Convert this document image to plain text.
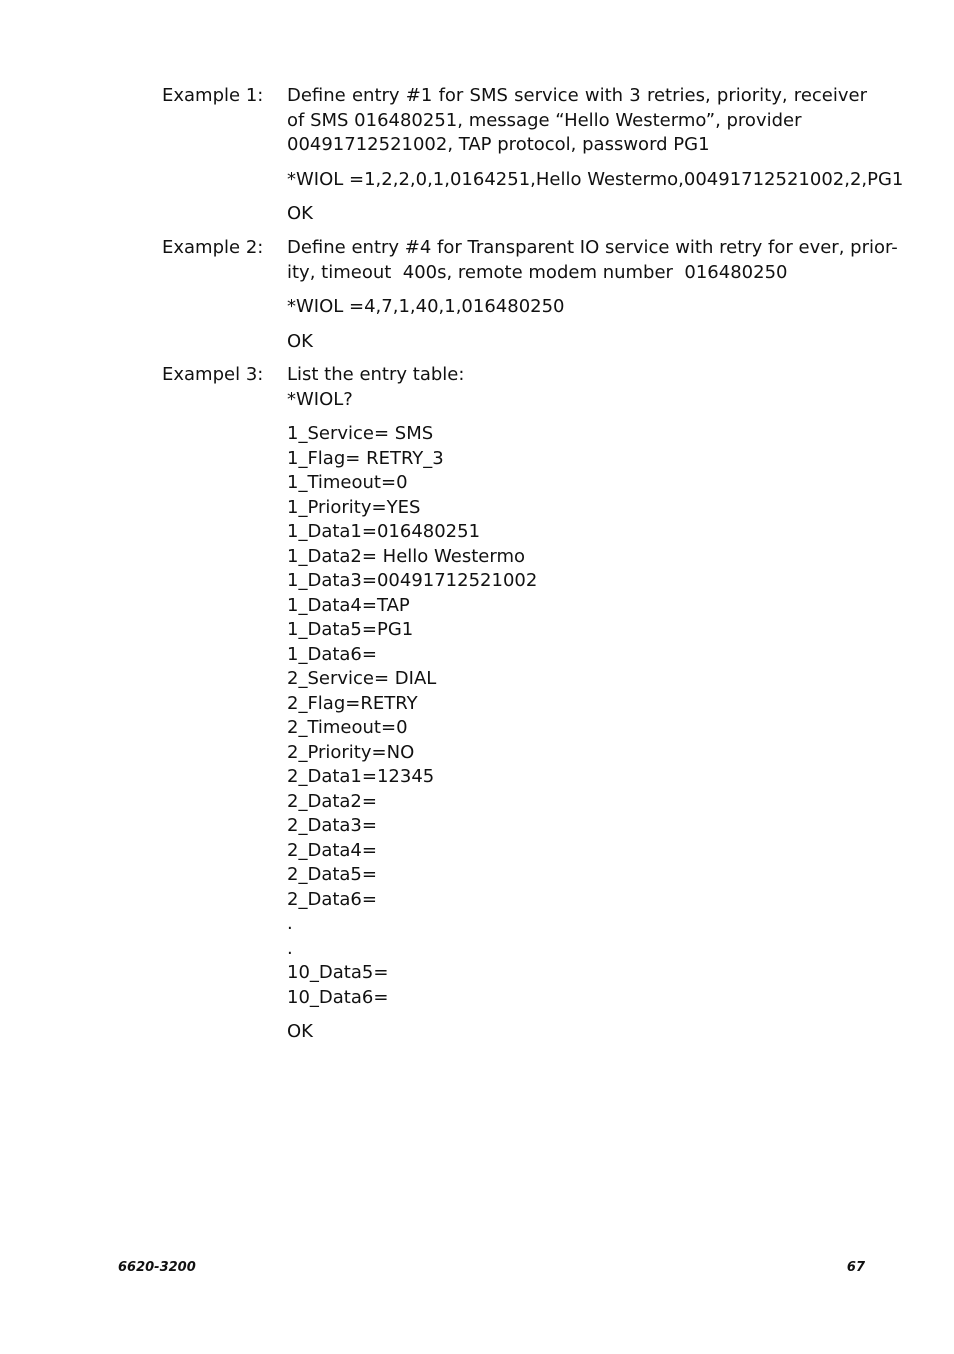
Example 1: Define entry #1 for SMS service with 3 retries, priority, receiver
of SMS 016480251, message “Hello Westermo”, provider
00491712521002, TAP protocol, password PG1
*WIOL =1,2,2,0,1,0164251,Hello Westermo,00491712521002,2,PG1
OK
Example 2: Define entry #4 for Transparent IO service with retry for ever, prior-
ity, timeout  400s, remote modem number  016480250
*WIOL =4,7,1,40,1,016480250
OK
Exampel 3: List the entry table:
*WIOL?
1_Service= SMS
1_Flag= RETRY_3
1_Timeout=0
1_Priority=YES
1_Data1=016480251
1_Data2= Hello Westermo
1_Data3=00491712521002
1_Data4=TAP
1_Data5=PG1
1_Data6=
2_Service= DIAL
2_Flag=RETRY
2_Timeout=0
2_Priority=NO
2_Data1=12345
2_Data2=
2_Data3=
2_Data4=
2_Data5=
2_Data6=
.
.
10_Data5=
10_Data6=
OK
6620-3200	67
